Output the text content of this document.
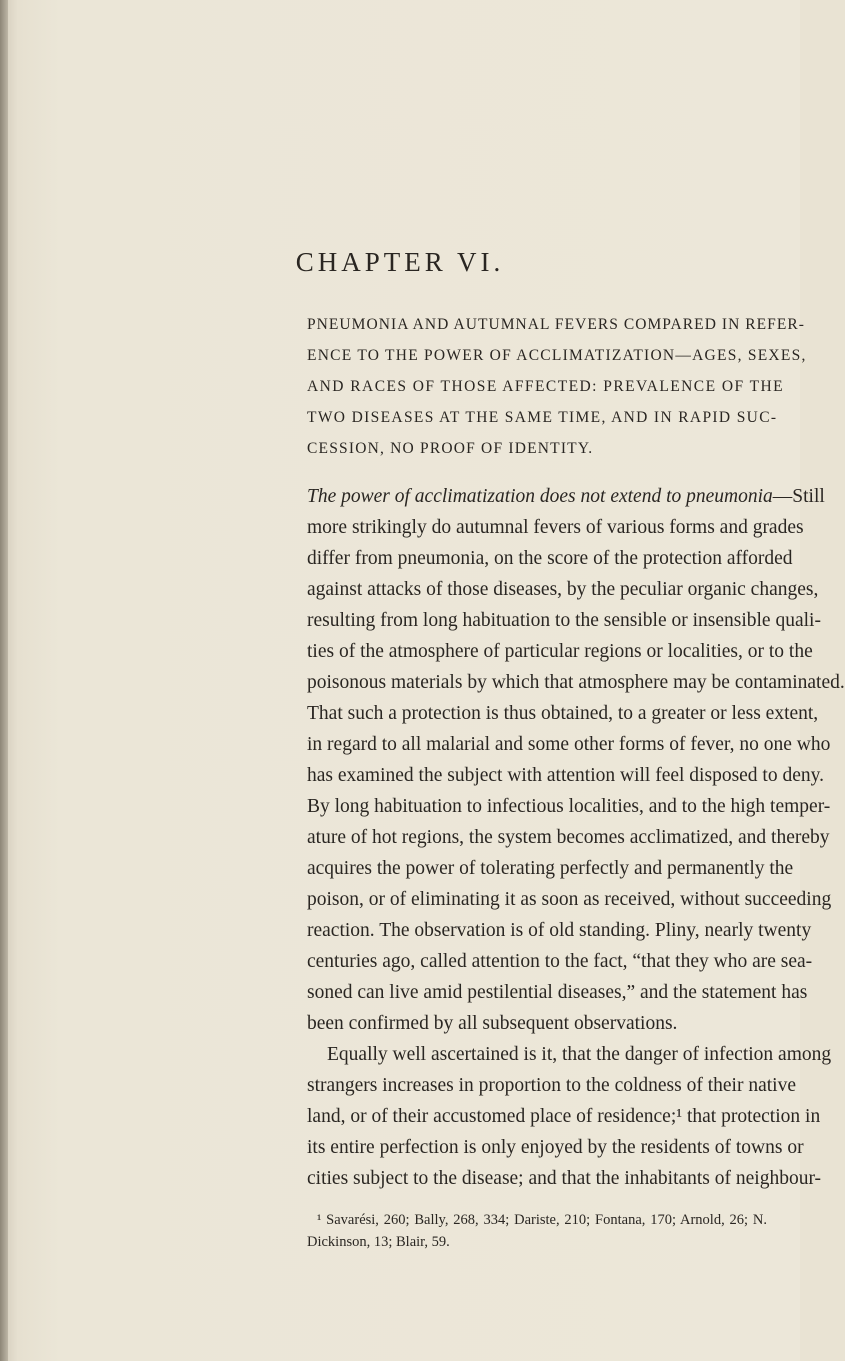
CHAPTER VI.
PNEUMONIA AND AUTUMNAL FEVERS COMPARED IN REFER-
ENCE TO THE POWER OF ACCLIMATIZATION—AGES, SEXES,
AND RACES OF THOSE AFFECTED: PREVALENCE OF THE
TWO DISEASES AT THE SAME TIME, AND IN RAPID SUC-
CESSION, NO PROOF OF IDENTITY.
The power of acclimatization does not extend to pneumonia—Still
more strikingly do autumnal fevers of various forms and grades
differ from pneumonia, on the score of the protection afforded
against attacks of those diseases, by the peculiar organic changes,
resulting from long habituation to the sensible or insensible quali-
ties of the atmosphere of particular regions or localities, or to the
poisonous materials by which that atmosphere may be contaminated.
That such a protection is thus obtained, to a greater or less extent,
in regard to all malarial and some other forms of fever, no one who
has examined the subject with attention will feel disposed to deny.
By long habituation to infectious localities, and to the high temper-
ature of hot regions, the system becomes acclimatized, and thereby
acquires the power of tolerating perfectly and permanently the
poison, or of eliminating it as soon as received, without succeeding
reaction. The observation is of old standing. Pliny, nearly twenty
centuries ago, called attention to the fact, “that they who are sea-
soned can live amid pestilential diseases,” and the statement has
been confirmed by all subsequent observations.
Equally well ascertained is it, that the danger of infection among
strangers increases in proportion to the coldness of their native
land, or of their accustomed place of residence;¹ that protection in
its entire perfection is only enjoyed by the residents of towns or
cities subject to the disease; and that the inhabitants of neighbour-
¹ Savarési, 260; Bally, 268, 334; Dariste, 210; Fontana, 170; Arnold, 26; N.
Dickinson, 13; Blair, 59.
